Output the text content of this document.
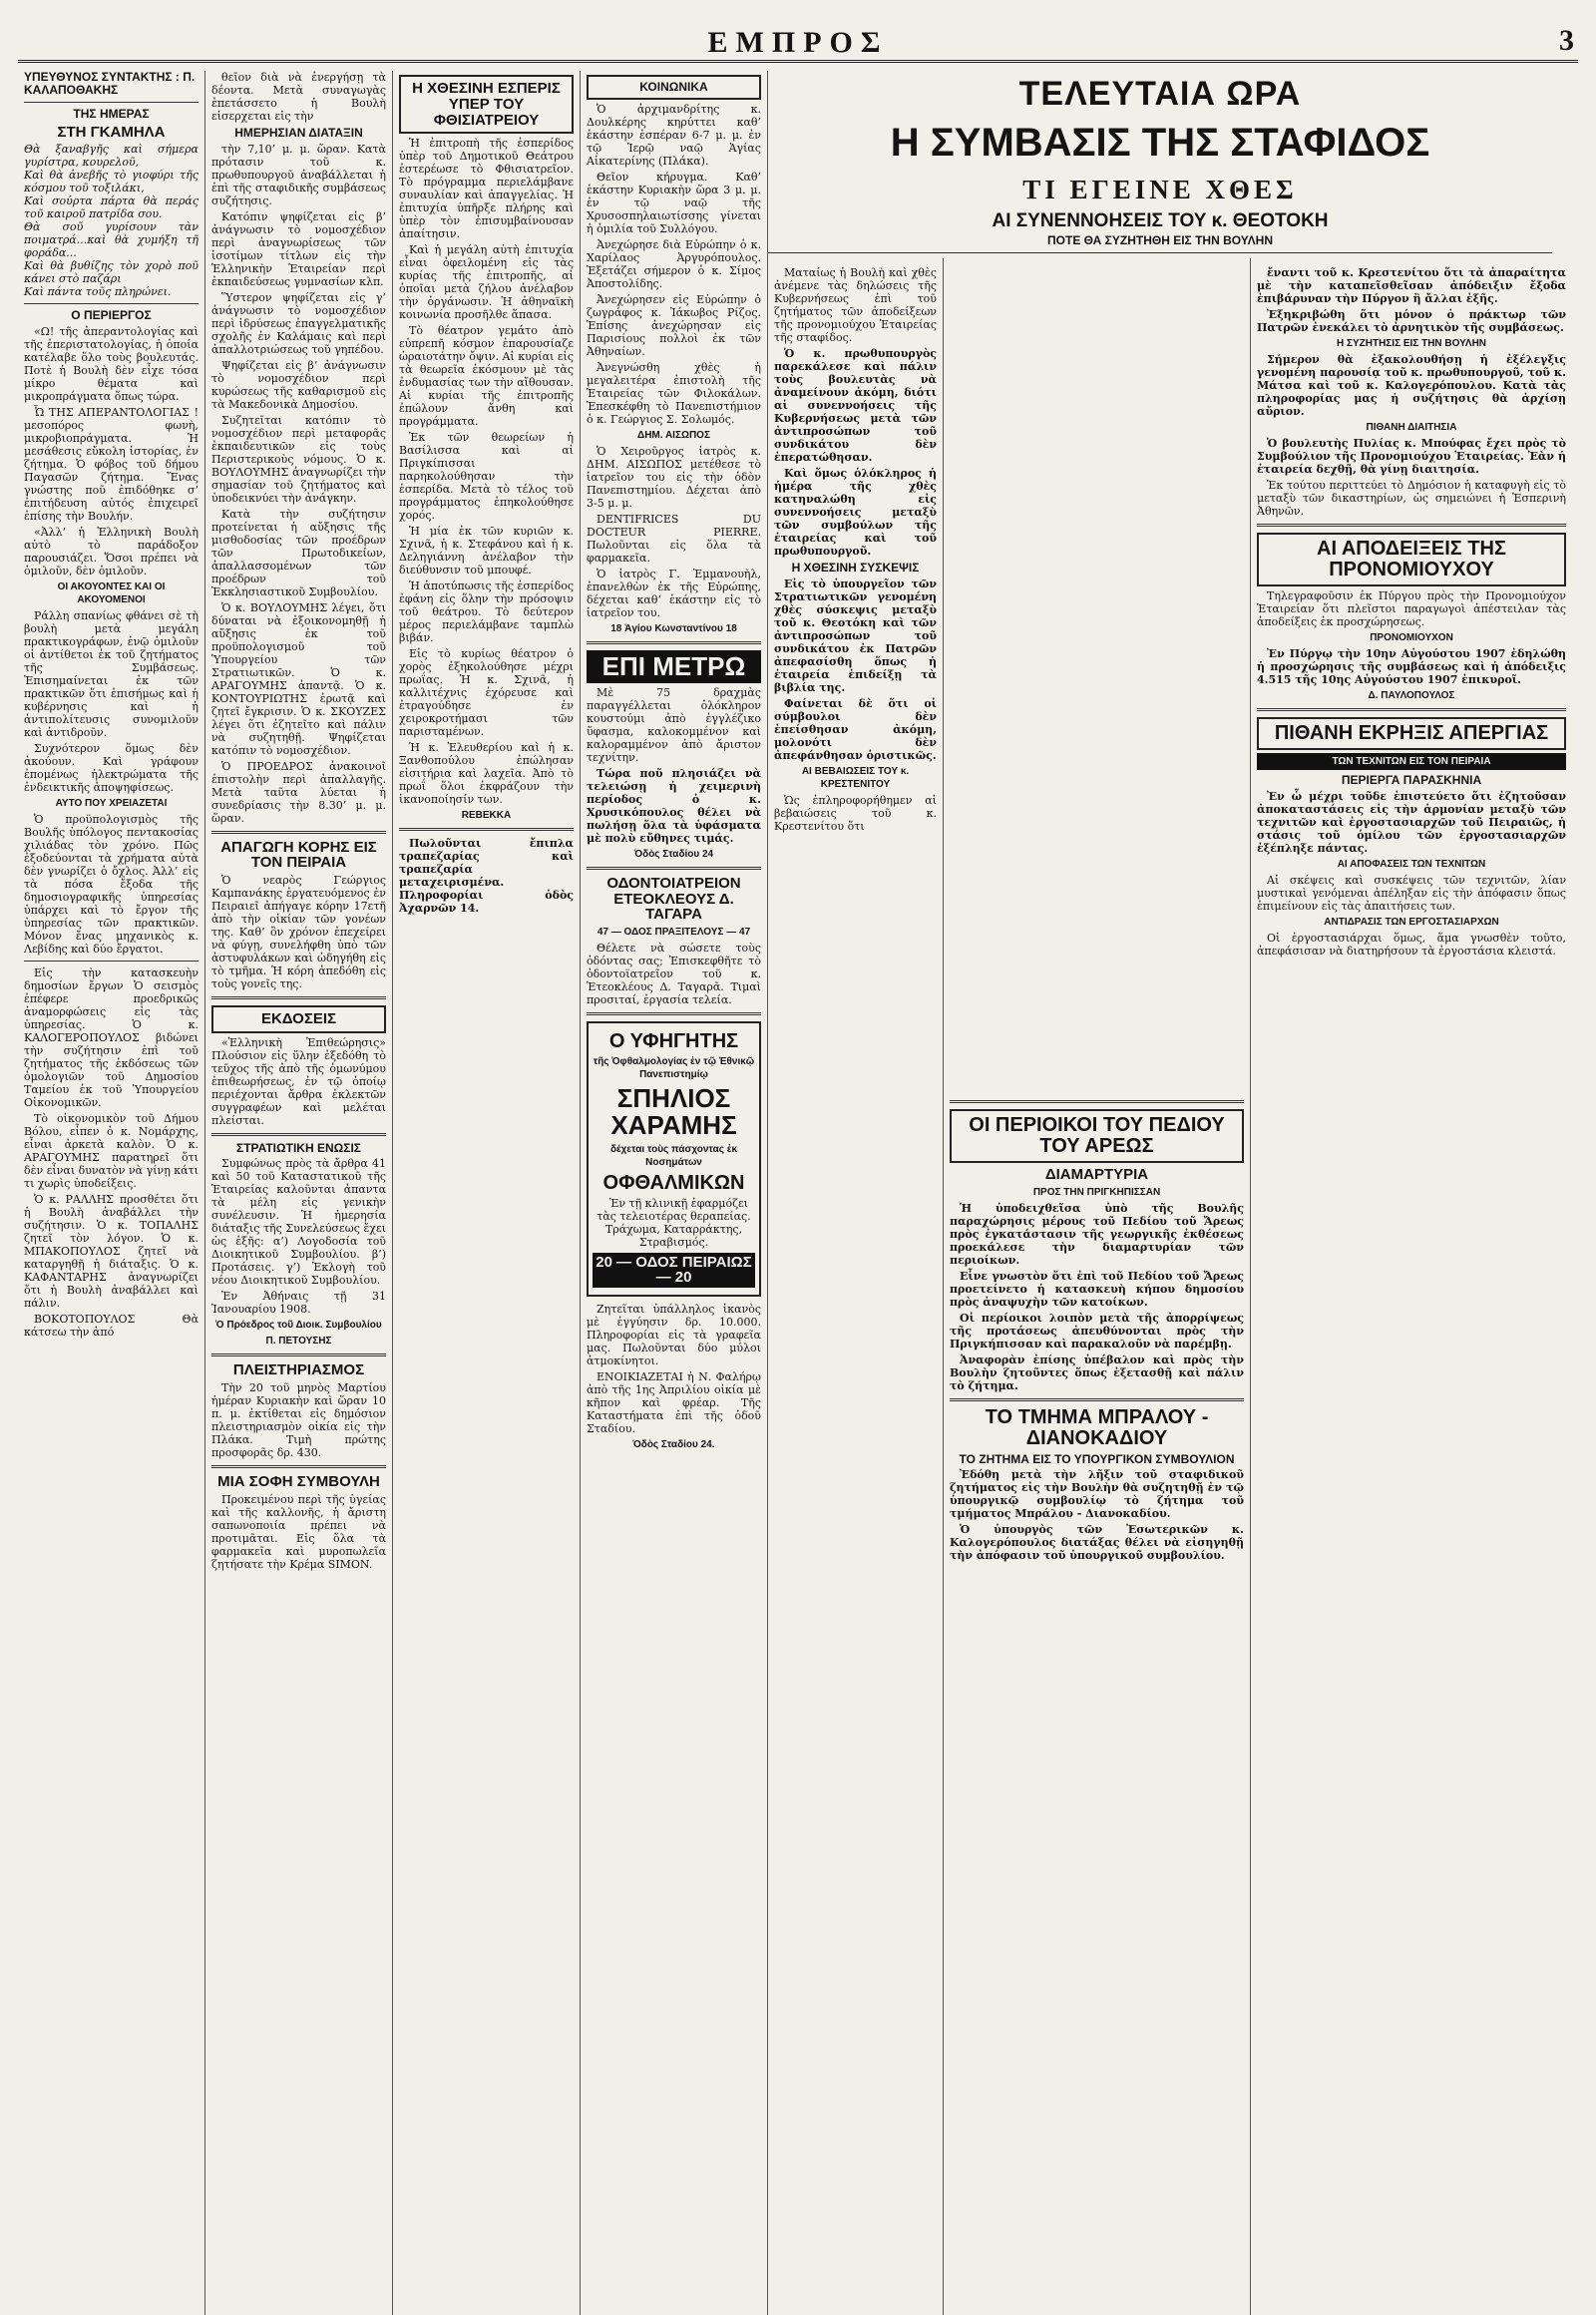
ΕΜΠΡΟΣ	3
ΥΠΕΥΘΥΝΟΣ ΣΥΝΤΑΚΤΗΣ : Π. ΚΑΛΑΠΟΘΑΚΗΣ
ΤΗΣ ΗΜΕΡΑΣ
ΣΤΗ ΓΚΑΜΗΛΑ

Θὰ ξαναβγῆς καὶ σήμερα γυρίστρα, κουρελοῦ,
Καὶ θὰ ἀνεβῆς τὸ γιοφύρι τῆς κόσμου τοῦ τοξιλάκι,
Καὶ σούρτα πάρτα θὰ περάς τοῦ καιροῦ πατρίδα σου.
Θὰ σοῦ γυρίσουν τὰν ποιματρά...καὶ θὰ χυμήξη τῆ φοράδα...
Καὶ θὰ βυθίζης τὸν χορὸ ποῦ κάνει στὸ παζάρι
Καὶ πάντα τοῦς πληρώνει.

Ο ΠΕΡΙΕΡΓΟΣ

«Ω! τῆς ἀπεραντολογίας καὶ τῆς ἐπεριστατολογίας, ἡ ὁποία κατέλαβε ὅλο τοὺς βουλευτάς. Ποτὲ ἡ Βουλὴ δὲν εἶχε τόσα μίκρο θέματα καὶ μικροπράγματα ὅπως τώρα.

Ὦ ΤΗΣ ΑΠΕΡΑΝΤΟΛΟΓΙΑΣ ! μεσοπόρος φωνὴ, μικροβιοπράγματα. Ἡ μεσάθεσις εὔκολη ἰστορίας, ἐν ζήτημα. Ὁ φόβος τοῦ δήμου Παγασῶν ζήτημα. Ἕνας γνώστης ποῦ ἐπιδόθηκε σ’ ἐπιτήδευση αὐτός ἐπιχειρεῖ ἐπίσης τὴν Βουλήν.

«Ἀλλ’ ἡ Ἑλληνικὴ Βουλὴ αὐτὸ τὸ παράδοξον παρουσιάζει. Ὅσοι πρέπει νὰ ὁμιλοῦν, δὲν ὁμιλοῦν.

ΟΙ ΑΚΟΥΟΝΤΕΣ ΚΑΙ ΟΙ ΑΚΟΥΟΜΕΝΟΙ

Ράλλη σπανίως φθάνει σὲ τὴ βουλὴ μετὰ μεγάλη πρακτικογράφων, ἐνῷ ὁμιλοῦν οἱ ἀντίθετοι ἐκ τοῦ ζητήματος τῆς Συμβάσεως. Ἐπισημαίνεται ἐκ τῶν πρακτικῶν ὅτι ἐπισήμως καὶ ἡ κυβέρνησις καὶ ἡ ἀντιπολίτευσις συνομιλοῦν καὶ ἀντιδροῦν.

Συχνότερον ὅμως δὲν ἀκούουν. Καὶ γράφουν ἐπομένως ἡλεκτρώματα τῆς ἐνδεικτικῆς ἀποψηφίσεως.

ΑΥΤΟ ΠΟΥ ΧΡΕΙΑΖΕΤΑΙ

Ὁ προϋπολογισμὸς τῆς Βουλῆς ὑπόλογος πεντακοσίας χιλιάδας τὸν χρόνο. Πῶς ἐξοδεύονται τὰ χρήματα αὐτὰ δὲν γνωρίζει ὁ ὄχλος. Ἀλλ’ εἰς τὰ πόσα ἔξοδα τῆς δημοσιογραφικῆς ὑπηρεσίας ὑπάρχει καὶ τὸ ἔργον τῆς ὑπηρεσίας τῶν πρακτικῶν. Μόνον ἔνας μηχανικὸς κ. Λεβίδης καὶ δύο ἔργατοι.

Εἰς τὴν κατασκευὴν δημοσίων ἔργων Ὁ σεισμὸς ἐπέφερε προεδρικῶς ἀναμορφώσεις εἰς τὰς ὑπηρεσίας. Ὁ κ. ΚΑΛΟΓΕΡΟΠΟΥΛΟΣ βιδώνει τὴν συζήτησιν ἐπὶ τοῦ ζητήματος τῆς ἐκδόσεως τῶν ὁμολογιῶν τοῦ Δημοσίου Ταμείου ἐκ τοῦ Ὑπουργείου Οἰκονομικῶν.

Τὸ οἰκονομικὸν τοῦ Δήμου Βόλου, εἶπεν ὁ κ. Νομάρχης, εἶναι ἀρκετὰ καλὸν. Ὁ κ. ΑΡΑΓΟΥΜΗΣ παρατηρεῖ ὅτι δὲν εἶναι δυνατὸν νὰ γίνῃ κάτι τι χωρὶς ὑποδείξεις.

Ὁ κ. ΡΑΛΛΗΣ προσθέτει ὅτι ἡ Βουλὴ ἀναβάλλει τὴν συζήτησιν. Ὁ κ. ΤΟΠΑΛΗΣ ζητεῖ τὸν λόγον. Ὁ κ. ΜΠΑΚΟΠΟΥΛΟΣ ζητεῖ νὰ καταργηθῇ ἡ διάταξις. Ὁ κ. ΚΑΦΑΝΤΑΡΗΣ ἀναγνωρίζει ὅτι ἡ Βουλὴ ἀναβάλλει καὶ πάλιν.

ΒΟΚΟΤΟΠΟΥΛΟΣ Θὰ κάτσεω τὴν ἀπό

θεῖον διὰ νὰ ἐνεργήσῃ τὰ δέοντα. Μετὰ συναγωγὰς ἐπετάσσετο ἡ Βουλὴ εἰσερχεται εἰς τὴν

ΗΜΕΡΗΣΙΑΝ ΔΙΑΤΑΞΙΝ

τὴν 7,10’ μ. μ. ὥραν. Κατὰ πρότασιν τοῦ κ. πρωθυπουργοῦ ἀναβάλλεται ἡ ἐπὶ τῆς σταφιδικῆς συμβάσεως συζήτησις.

Κατόπιν ψηφίζεται εἰς β’ ἀνάγνωσιν τὸ νομοσχέδιον περὶ ἀναγνωρίσεως τῶν ἰσοτίμων τίτλων εἰς τὴν Ἑλληνικὴν Ἑταιρείαν περὶ ἐκπαιδεύσεως γυμνασίων κλπ.

Ὕστερον ψηφίζεται εἰς γ’ ἀνάγνωσιν τὸ νομοσχέδιον περὶ ἱδρύσεως ἐπαγγελματικῆς σχολῆς ἐν Καλάμαις καὶ περὶ ἀπαλλοτριώσεως τοῦ γηπέδου.

Ψηφίζεται εἰς β’ ἀνάγνωσιν τὸ νομοσχέδιον περὶ κυρώσεως τῆς καθαρισμοῦ εἰς τὰ Μακεδονικὰ Δημοσίου.

Συζητεῖται κατόπιν τὸ νομοσχέδιον περὶ μεταφορᾶς ἐκπαιδευτικῶν εἰς τοὺς Περιστερικοὺς νόμους. Ὁ κ. ΒΟΥΛΟΥΜΗΣ ἀναγνωρίζει τὴν σημασίαν τοῦ ζητήματος καὶ ὑποδεικνύει τὴν ἀνάγκην.

Κατὰ τὴν συζήτησιν προτείνεται ἡ αὔξησις τῆς μισθοδοσίας τῶν προέδρων τῶν Πρωτοδικείων, ἀπαλλασσομένων τῶν προέδρων τοῦ Ἐκκλησιαστικοῦ Συμβουλίου.

Ὁ κ. ΒΟΥΛΟΥΜΗΣ λέγει, ὅτι δύναται νὰ ἐξοικονομηθῇ ἡ αὔξησις ἐκ τοῦ προϋπολογισμοῦ τοῦ Ὑπουργείου τῶν Στρατιωτικῶν. Ὁ κ. ΑΡΑΓΟΥΜΗΣ ἀπαντᾷ. Ὁ κ. ΚΟΝΤΟΥΡΙΩΤΗΣ ἐρωτᾷ καὶ ζητεῖ ἔγκρισιν. Ὁ κ. ΣΚΟΥΖΕΣ λέγει ὅτι ἐζητεῖτο καὶ πάλιν νὰ συζητηθῇ. Ψηφίζεται κατόπιν τὸ νομοσχέδιον.

Ὁ ΠΡΟΕΔΡΟΣ ἀνακοινοῖ ἐπιστολὴν περὶ ἀπαλλαγῆς. Μετὰ ταῦτα λύεται ἡ συνεδρίασις τὴν 8.30’ μ. μ. ὥραν.

ΑΠΑΓΩΓΗ ΚΟΡΗΣ ΕΙΣ ΤΟΝ ΠΕΙΡΑΙΑ

Ὁ νεαρὸς Γεώργιος Καμπανάκης ἐργατευόμενος ἐν Πειραιεῖ ἀπήγαγε κόρην 17ετῆ ἀπὸ τὴν οἰκίαν τῶν γονέων της. Καθ’ ὃν χρόνον ἐπεχείρει νὰ φύγῃ, συνελήφθη ὑπὸ τῶν ἀστυφυλάκων καὶ ὡδηγήθη εἰς τὸ τμῆμα. Ἡ κόρη ἀπεδόθη εἰς τοὺς γονεῖς της.

ΕΚΔΟΣΕΙΣ

«Ἑλληνικὴ Ἐπιθεώρησις» Πλούσιον εἰς ὕλην ἐξεδόθη τὸ τεῦχος τῆς ἀπὸ τῆς ὁμωνύμου ἐπιθεωρήσεως, ἐν τῷ ὁποίῳ περιέχονται ἄρθρα ἐκλεκτῶν συγγραφέων καὶ μελέται πλείσται.

ΣΤΡΑΤΙΩΤΙΚΗ ΕΝΩΣΙΣ

Συμφώνως πρὸς τὰ ἄρθρα 41 καὶ 50 τοῦ Καταστατικοῦ τῆς Ἑταιρείας καλοῦνται ἀπαντα τὰ μέλη εἰς γενικὴν συνέλευσιν. Ἡ ἡμερησία διάταξις τῆς Συνελεύσεως ἔχει ὡς ἑξῆς: α’) Λογοδοσία τοῦ Διοικητικοῦ Συμβουλίου. β’) Προτάσεις. γ’) Ἐκλογὴ τοῦ νέου Διοικητικοῦ Συμβουλίου.

Ἐν Ἀθήναις τῇ 31 Ἰανουαρίου 1908.

Ὁ Πρόεδρος τοῦ Διοικ. Συμβουλίου
Π. ΠΕΤΟΥΣΗΣ
ΠΛΕΙΣΤΗΡΙΑΣΜΟΣ

Τὴν 20 τοῦ μηνὸς Μαρτίου ἡμέραν Κυριακὴν καὶ ὥραν 10 π. μ. ἐκτίθεται εἰς δημόσιον πλειστηριασμὸν οἰκία εἰς τὴν Πλάκα. Τιμὴ πρώτης προσφορᾶς δρ. 430.

ΜΙΑ ΣΟΦΗ ΣΥΜΒΟΥΛΗ

Προκειμένου περὶ τῆς ὑγείας καὶ τῆς καλλονῆς, ἡ ἄριστη σαπωνοποιία πρέπει νὰ προτιμᾶται. Εἰς ὅλα τὰ φαρμακεῖα καὶ μυροπωλεῖα ζητήσατε τὴν Κρέμα SIMON.

Η ΧΘΕΣΙΝΗ ΕΣΠΕΡΙΣ ΥΠΕΡ ΤΟΥ ΦΘΙΣΙΑΤΡΕΙΟΥ

Ἡ ἐπιτροπὴ τῆς ἑσπερίδος ὑπὲρ τοῦ Δημοτικοῦ Θεάτρου ἐστερέωσε τὸ Φθισιατρεῖον. Τὸ πρόγραμμα περιελάμβανε συναυλίαν καὶ ἀπαγγελίας. Ἡ ἐπιτυχία ὑπῆρξε πλήρης καὶ ὑπὲρ τὸν ἐπισυμβαίνουσαν ἀπαίτησιν.

Καὶ ἡ μεγάλη αὐτὴ ἐπιτυχία εἶναι ὀφειλομένη εἰς τὰς κυρίας τῆς ἐπιτροπῆς, αἱ ὁποῖαι μετὰ ζήλου ἀνέλαβον τὴν ὀργάνωσιν. Ἡ ἀθηναϊκὴ κοινωνία προσῆλθε ἅπασα.

Τὸ θέατρον γεμάτο ἀπὸ εὐπρεπῆ κόσμον ἐπαρουσίαζε ὡραιοτάτην ὄψιν. Αἱ κυρίαι εἰς τὰ θεωρεῖα ἐκόσμουν μὲ τὰς ἐνδυμασίας των τὴν αἴθουσαν. Αἱ κυρίαι τῆς ἐπιτροπῆς ἐπώλουν ἄνθη καὶ προγράμματα.

Ἐκ τῶν θεωρείων ἡ Βασίλισσα καὶ αἱ Πριγκίπισσαι παρηκολούθησαν τὴν ἑσπερίδα. Μετὰ τὸ τέλος τοῦ προγράμματος ἐπηκολούθησε χορός.

Ἡ μία ἐκ τῶν κυριῶν κ. Σχινᾶ, ἡ κ. Στεφάνου καὶ ἡ κ. Δεληγιάννη ἀνέλαβον τὴν διεύθυνσιν τοῦ μπουφέ.

Ἡ ἀποτύπωσις τῆς ἑσπερίδος ἐφάνη εἰς ὅλην τὴν πρόσοψιν τοῦ θεάτρου. Τὸ δεύτερον μέρος περιελάμβανε ταμπλὼ βιβάν.

Εἰς τὸ κυρίως θέατρον ὁ χορὸς ἐξηκολούθησε μέχρι πρωΐας. Ἡ κ. Σχινᾶ, ἡ καλλιτέχνις ἐχόρευσε καὶ ἐτραγούδησε ἐν χειροκροτήμασι τῶν παρισταμένων.

Ἡ κ. Ἐλευθερίου καὶ ἡ κ. Ξανθοπούλου ἐπώλησαν εἰσιτήρια καὶ λαχεῖα. Ἀπὸ τὸ πρωΐ ὅλοι ἐκφράζουν τὴν ἱκανοποίησίν των.

REBEKKA

Πωλοῦνται ἔπιπλα τραπεζαρίας καὶ τραπεζαρία μεταχειρισμένα. Πληροφορίαι ὁδὸς Ἀχαρνῶν 14.

ΚΟΙΝΩΝΙΚΑ

Ὁ ἀρχιμανδρίτης κ. Δουλκέρης κηρύττει καθ’ ἑκάστην ἑσπέραν 6-7 μ. μ. ἐν τῷ Ἱερῷ ναῷ Ἁγίας Αἰκατερίνης (Πλάκα).

Θεῖον κήρυγμα. Καθ’ ἑκάστην Κυριακὴν ὥρα 3 μ. μ. ἐν τῷ ναῷ τῆς Χρυσοσπηλαιωτίσσης γίνεται ἡ ὁμιλία τοῦ Συλλόγου.

Ἀνεχώρησε διὰ Εὐρώπην ὁ κ. Χαρίλαος Ἀργυρόπουλος. Ἐξετάζει σήμερον ὁ κ. Σίμος Ἀποστολίδης.

Ἀνεχώρησεν εἰς Εὐρώπην ὁ ζωγράφος κ. Ἰάκωβος Ρίζος. Ἐπίσης ἀνεχώρησαν εἰς Παρισίους πολλοὶ ἐκ τῶν Ἀθηναίων.

Ἀνεγνώσθη χθὲς ἡ μεγαλειτέρα ἐπιστολὴ τῆς Ἑταιρείας τῶν Φιλοκάλων. Ἐπεσκέφθη τὸ Πανεπιστήμιον ὁ κ. Γεώργιος Σ. Σολωμός.

ΔΗΜ. ΑΙΣΩΠΟΣ

Ὁ Χειροῦργος ἰατρὸς κ. ΔΗΜ. ΑΙΣΩΠΟΣ μετέθεσε τὸ ἰατρεῖον του εἰς τὴν ὁδὸν Πανεπιστημίου. Δέχεται ἀπὸ 3-5 μ. μ.

DENTIFRICES DU DOCTEUR PIERRE. Πωλοῦνται εἰς ὅλα τὰ φαρμακεῖα.

Ὁ ἰατρὸς Γ. Ἐμμανουὴλ, ἐπανελθὼν ἐκ τῆς Εὐρώπης, δέχεται καθ’ ἑκάστην εἰς τὸ ἰατρεῖον του.

18 Ἁγίου Κωνσταντίνου 18
ΕΠΙ ΜΕΤΡΩ

Μὲ 75 δραχμὰς παραγγέλλεται ὁλόκληρον κουστούμι ἀπὸ ἐγγλέζικο ὕφασμα, καλοκομμένον καὶ καλοραμμένον ἀπὸ ἄριστον τεχνίτην.

Τώρα ποῦ πλησιάζει νὰ τελειώσῃ ἡ χειμερινὴ περίοδος ὁ κ. Χρυσικόπουλος θέλει νὰ πωλήσῃ ὅλα τὰ ὑφάσματα μὲ πολὺ εὔθηνες τιμάς.

Ὁδὸς Σταδίου 24
ΟΔΟΝΤΟΙΑΤΡΕΙΟΝ ΕΤΕΟΚΛΕΟΥΣ Δ. ΤΑΓΑΡΑ
47 — ΟΔΟΣ ΠΡΑΞΙΤΕΛΟΥΣ — 47

Θέλετε νὰ σώσετε τοὺς ὀδόντας σας; Ἐπισκεφθῆτε τὸ ὀδοντοϊατρεῖον τοῦ κ. Ἐτεοκλέους Δ. Ταγαρᾶ. Τιμαὶ προσιταί, ἐργασία τελεία.

Ο ΥΦΗΓΗΤΗΣ
τῆς Ὀφθαλμολογίας ἐν τῷ Ἐθνικῷ Πανεπιστημίῳ
ΣΠΗΛΙΟΣ ΧΑΡΑΜΗΣ
δέχεται τοὺς πάσχοντας ἐκ Νοσημάτων
ΟΦΘΑΛΜΙΚΩΝ

Ἐν τῇ κλινικῇ ἐφαρμόζει τὰς τελειοτέρας θεραπείας. Τράχωμα, Καταρράκτης, Στραβισμός.

20 — ΟΔΟΣ ΠΕΙΡΑΙΩΣ — 20

Ζητεῖται ὑπάλληλος ἱκανὸς μὲ ἐγγύησιν δρ. 10.000. Πληροφορίαι εἰς τὰ γραφεῖα μας. Πωλοῦνται δύο μύλοι ἀτμοκίνητοι.

ΕΝΟΙΚΙΑΖΕΤΑΙ ἡ Ν. Φαλήρῳ ἀπὸ τῆς 1ης Ἀπριλίου οἰκία μὲ κῆπον καὶ φρέαρ. Τῆς Καταστήματα ἐπὶ τῆς ὁδοῦ Σταδίου.

Ὁδὸς Σταδίου 24.

Ματαίως ἡ Βουλὴ καὶ χθὲς ἀνέμενε τὰς δηλώσεις τῆς Κυβερνήσεως ἐπὶ τοῦ ζητήματος τῶν ἀποδείξεων τῆς προνομιούχου Ἑταιρείας τῆς σταφίδος.

Ὁ κ. πρωθυπουργὸς παρεκάλεσε καὶ πάλιν τοὺς βουλευτὰς νὰ ἀναμείνουν ἀκόμη, διότι αἱ συνεννοήσεις τῆς Κυβερνήσεως μετὰ τῶν ἀντιπροσώπων τοῦ συνδικάτου δὲν ἐπερατώθησαν.

Καὶ ὅμως ὁλόκληρος ἡ ἡμέρα τῆς χθὲς κατηναλώθη εἰς συνεννοήσεις μεταξὺ τῶν συμβούλων τῆς ἑταιρείας καὶ τοῦ πρωθυπουργοῦ.

Η ΧΘΕΣΙΝΗ ΣΥΣΚΕΨΙΣ

Εἰς τὸ ὑπουργεῖον τῶν Στρατιωτικῶν γενομένη χθὲς σύσκεψις μεταξὺ τοῦ κ. Θεοτόκη καὶ τῶν ἀντιπροσώπων τοῦ συνδικάτου ἐκ Πατρῶν ἀπεφασίσθη ὅπως ἡ ἑταιρεία ἐπιδείξῃ τὰ βιβλία της.

Φαίνεται δὲ ὅτι οἱ σύμβουλοι δὲν ἐπείσθησαν ἀκόμη, μολονότι δὲν ἀπεφάνθησαν ὁριστικῶς.

ΑΙ ΒΕΒΑΙΩΣΕΙΣ ΤΟΥ κ. ΚΡΕΣΤΕΝΙΤΟΥ

Ὡς ἐπληροφορήθημεν αἱ βεβαιώσεις τοῦ κ. Κρεστενίτου ὅτι

ΤΕΛΕΥΤΑΙΑ ΩΡΑ
Η ΣΥΜΒΑΣΙΣ ΤΗΣ ΣΤΑΦΙΔΟΣ
ΤΙ ΕΓΕΙΝΕ ΧΘΕΣ
ΑΙ ΣΥΝΕΝΝΟΗΣΕΙΣ ΤΟΥ κ. ΘΕΟΤΟΚΗ
ΠΟΤΕ ΘΑ ΣΥΖΗΤΗΘΗ ΕΙΣ ΤΗΝ ΒΟΥΛΗΝ
ΟΙ ΠΕΡΙΟΙΚΟΙ ΤΟΥ ΠΕΔΙΟΥ ΤΟΥ ΑΡΕΩΣ
ΔΙΑΜΑΡΤΥΡΙΑ
ΠΡΟΣ ΤΗΝ ΠΡΙΓΚΗΠΙΣΣΑΝ

Ἡ ὑποδειχθεῖσα ὑπὸ τῆς Βουλῆς παραχώρησις μέρους τοῦ Πεδίου τοῦ Ἄρεως πρὸς ἐγκατάστασιν τῆς γεωργικῆς ἐκθέσεως προεκάλεσε τὴν διαμαρτυρίαν τῶν περιοίκων.

Εἶνε γνωστὸν ὅτι ἐπὶ τοῦ Πεδίου τοῦ Ἄρεως προετείνετο ἡ κατασκευὴ κήπου δημοσίου πρὸς ἀναψυχὴν τῶν κατοίκων.

Οἱ περίοικοι λοιπὸν μετὰ τῆς ἀπορρίψεως τῆς προτάσεως ἀπευθύνονται πρὸς τὴν Πριγκήπισσαν καὶ παρακαλοῦν νὰ παρέμβῃ.

Ἀναφορὰν ἐπίσης ὑπέβαλον καὶ πρὸς τὴν Βουλὴν ζητοῦντες ὅπως ἐξετασθῇ καὶ πάλιν τὸ ζήτημα.

ΤΟ ΤΜΗΜΑ ΜΠΡΑΛΟΥ - ΔΙΑΝΟΚΑΔΙΟΥ
ΤΟ ΖΗΤΗΜΑ ΕΙΣ ΤΟ ΥΠΟΥΡΓΙΚΟΝ ΣΥΜΒΟΥΛΙΟΝ

Ἐδόθη μετὰ τὴν λῆξιν τοῦ σταφιδικοῦ ζητήματος εἰς τὴν Βουλὴν θὰ συζητηθῇ ἐν τῷ ὑπουργικῷ συμβουλίῳ τὸ ζήτημα τοῦ τμήματος Μπράλου - Διανοκαδίου.

Ὁ ὑπουργὸς τῶν Ἐσωτερικῶν κ. Καλογερόπουλος διατάξας θέλει νὰ εἰσηγηθῇ τὴν ἀπόφασιν τοῦ ὑπουργικοῦ συμβουλίου.

ἔναντι τοῦ κ. Κρεστενίτου ὅτι τὰ ἀπαραίτητα μὲ τὴν καταπεῖσθεῖσαν ἀπόδειξιν ἔξοδα ἐπιβάρυναν τὴν Πύργον ἢ ἄλλαι ἐξῆς.

Ἐξηκριβώθη ὅτι μόνον ὁ πράκτωρ τῶν Πατρῶν ἐνεκάλει τὸ ἀρνητικὸν τῆς συμβάσεως.

Η ΣΥΖΗΤΗΣΙΣ ΕΙΣ ΤΗΝ ΒΟΥΛΗΝ

Σήμερον θὰ ἐξακολουθήσῃ ἡ ἐξέλεγξις γενομένη παρουσίᾳ τοῦ κ. πρωθυπουργοῦ, τοῦ κ. Μάτσα καὶ τοῦ κ. Καλογερόπουλου. Κατὰ τὰς πληροφορίας μας ἡ συζήτησις θὰ ἀρχίσῃ αὔριον.

ΠΙΘΑΝΗ ΔΙΑΙΤΗΣΙΑ

Ὁ βουλευτὴς Πυλίας κ. Μπούφας ἔχει πρὸς τὸ Συμβούλιον τῆς Προνομιούχου Ἑταιρείας. Ἐὰν ἡ ἑταιρεία δεχθῇ, θὰ γίνῃ διαιτησία.

Ἐκ τούτου περιττεύει τὸ Δημόσιον ἡ καταφυγὴ εἰς τὸ μεταξὺ τῶν δικαστηρίων, ὡς σημειώνει ἡ Ἑσπερινὴ Ἀθηνῶν.

ΑΙ ΑΠΟΔΕΙΞΕΙΣ ΤΗΣ ΠΡΟΝΟΜΙΟΥΧΟΥ

Τηλεγραφοῦσιν ἐκ Πύργου πρὸς τὴν Προνομιούχον Ἑταιρείαν ὅτι πλεῖστοι παραγωγοὶ ἀπέστειλαν τὰς ἀποδείξεις ἐκ προσχώρησεως.

ΠΡΟΝΟΜΙΟΥΧΟΝ

Ἐν Πύργῳ τὴν 10ην Αὐγούστου 1907 ἐδηλώθη ἡ προσχώρησις τῆς συμβάσεως καὶ ἡ ἀπόδειξις 4.515 τῆς 10ης Αὐγούστου 1907 ἐπικυροῖ.

Δ. ΠΑΥΛΟΠΟΥΛΟΣ
ΠΙΘΑΝΗ ΕΚΡΗΞΙΣ ΑΠΕΡΓΙΑΣ
ΤΩΝ ΤΕΧΝΙΤΩΝ ΕΙΣ ΤΟΝ ΠΕΙΡΑΙΑ
ΠΕΡΙΕΡΓΑ ΠΑΡΑΣΚΗΝΙΑ

Ἐν ὦ μέχρι τοῦδε ἐπιστεύετο ὅτι ἐζητοῦσαν ἀποκαταστάσεις εἰς τὴν ἁρμονίαν μεταξὺ τῶν τεχνιτῶν καὶ ἐργοστασιαρχῶν τοῦ Πειραιῶς, ἡ στάσις τοῦ ὁμίλου τῶν ἐργοστασιαρχῶν ἐξέπληξε πάντας.

ΑΙ ΑΠΟΦΑΣΕΙΣ ΤΩΝ ΤΕΧΝΙΤΩΝ

Αἱ σκέψεις καὶ συσκέψεις τῶν τεχνιτῶν, λίαν μυστικαὶ γενόμεναι ἀπέληξαν εἰς τὴν ἀπόφασιν ὅπως ἐπιμείνουν εἰς τὰς ἀπαιτήσεις των.

ΑΝΤΙΔΡΑΣΙΣ ΤΩΝ ΕΡΓΟΣΤΑΣΙΑΡΧΩΝ

Οἱ ἐργοστασιάρχαι ὅμως, ἅμα γνωσθὲν τοῦτο, ἀπεφάσισαν νὰ διατηρήσουν τὰ ἐργοστάσια κλειστά.
